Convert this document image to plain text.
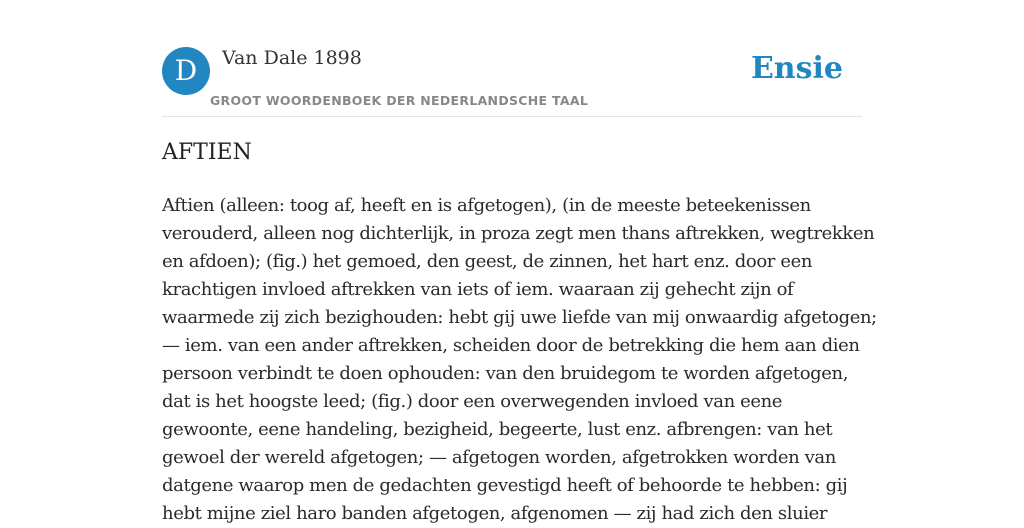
D	Van Dale 1898
GROOT WOORDENBOEK DER NEDERLANDSCHE TAAL
Ensie
AFTIEN

Aftien (alleen: toog af, heeft en is afgetogen), (in de meeste beteekenissen
verouderd, alleen nog dichterlijk, in proza zegt men thans aftrekken, wegtrekken
en afdoen); (fig.) het gemoed, den geest, de zinnen, het hart enz. door een
krachtigen invloed aftrekken van iets of iem. waaraan zij gehecht zijn of
waarmede zij zich bezighouden: hebt gij uwe liefde van mij onwaardig afgetogen;
— iem. van een ander aftrekken, scheiden door de betrekking die hem aan dien
persoon verbindt te doen ophouden: van den bruidegom te worden afgetogen,
dat is het hoogste leed; (fig.) door een overwegenden invloed van eene
gewoonte, eene handeling, bezigheid, begeerte, lust enz. afbrengen: van het
gewoel der wereld afgetogen; — afgetogen worden, afgetrokken worden van
datgene waarop men de gedachten gevestigd heeft of behoorde te hebben: gij
hebt mijne ziel haro banden afgetogen, afgenomen — zij had zich den sluier
